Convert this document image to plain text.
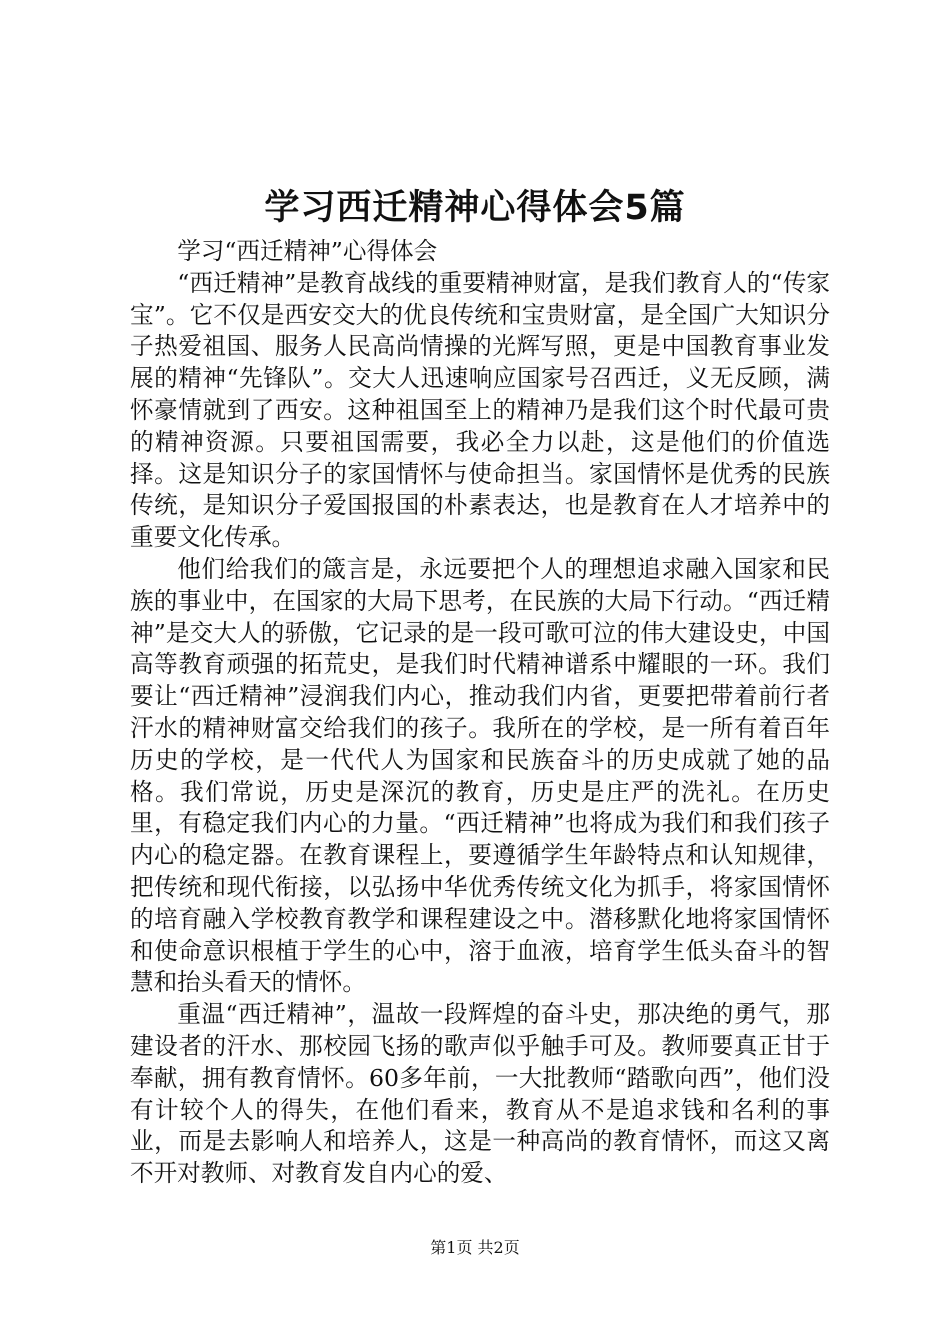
学习西迁精神心得体会5篇

学习“西迁精神”心得体会

“西迁精神”是教育战线的重要精神财富，是我们教育人的“传家宝”。它不仅是西安交大的优良传统和宝贵财富，是全国广大知识分子热爱祖国、服务人民高尚情操的光辉写照，更是中国教育事业发展的精神“先锋队”。交大人迅速响应国家号召西迁，义无反顾，满怀豪情就到了西安。这种祖国至上的精神乃是我们这个时代最可贵的精神资源。只要祖国需要，我必全力以赴，这是他们的价值选择。这是知识分子的家国情怀与使命担当。家国情怀是优秀的民族传统，是知识分子爱国报国的朴素表达，也是教育在人才培养中的重要文化传承。

他们给我们的箴言是，永远要把个人的理想追求融入国家和民族的事业中，在国家的大局下思考，在民族的大局下行动。“西迁精神”是交大人的骄傲，它记录的是一段可歌可泣的伟大建设史，中国高等教育顽强的拓荒史，是我们时代精神谱系中耀眼的一环。我们要让“西迁精神”浸润我们内心，推动我们内省，更要把带着前行者汗水的精神财富交给我们的孩子。我所在的学校，是一所有着百年历史的学校，是一代代人为国家和民族奋斗的历史成就了她的品格。我们常说，历史是深沉的教育，历史是庄严的洗礼。在历史里，有稳定我们内心的力量。“西迁精神”也将成为我们和我们孩子内心的稳定器。在教育课程上，要遵循学生年龄特点和认知规律，把传统和现代衔接，以弘扬中华优秀传统文化为抓手，将家国情怀的培育融入学校教育教学和课程建设之中。潜移默化地将家国情怀和使命意识根植于学生的心中，溶于血液，培育学生低头奋斗的智慧和抬头看天的情怀。

重温“西迁精神”，温故一段辉煌的奋斗史，那决绝的勇气，那建设者的汗水、那校园飞扬的歌声似乎触手可及。教师要真正甘于奉献，拥有教育情怀。60多年前，一大批教师“踏歌向西”，他们没有计较个人的得失，在他们看来，教育从不是追求钱和名利的事业，而是去影响人和培养人，这是一种高尚的教育情怀，而这又离不开对教师、对教育发自内心的爱、

第1页 共2页
